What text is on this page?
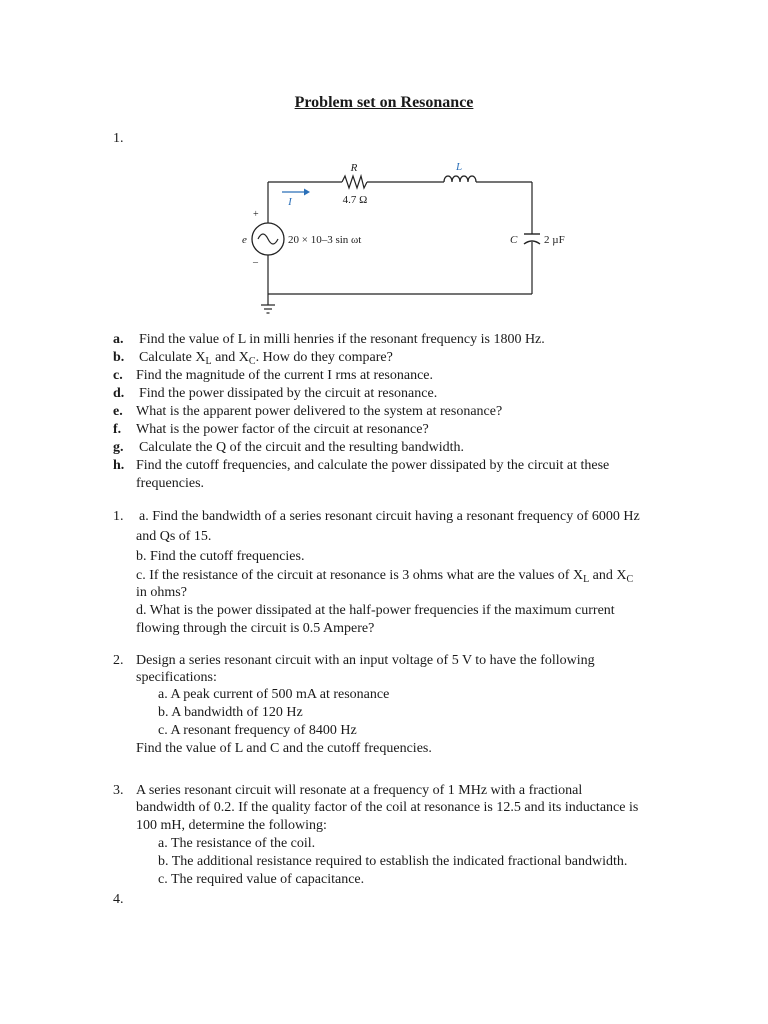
Problem set on Resonance
1.
R
4.7 Ω
L
I
e
+
–
20 × 10–3 sin ωt	C 2 µF
a. Find the value of L in milli henries if the resonant frequency is 1800 Hz.
b. Calculate $X_L$ and $X_C$. How do they compare?
c. Find the magnitude of the current I rms at resonance.
d. Find the power dissipated by the circuit at resonance.
e. What is the apparent power delivered to the system at resonance?
f. What is the power factor of the circuit at resonance?
g. Calculate the Q of the circuit and the resulting bandwidth.
h. Find the cutoff frequencies, and calculate the power dissipated by the circuit at these
frequencies.
1. a. Find the bandwidth of a series resonant circuit having a resonant frequency of 6000 Hz
and Qs of 15.
b. Find the cutoff frequencies.
c. If the resistance of the circuit at resonance is 3 ohms what are the values of $X_L$ and $X_C$
in ohms?
d. What is the power dissipated at the half-power frequencies if the maximum current
flowing through the circuit is 0.5 Ampere?
2. Design a series resonant circuit with an input voltage of 5 V to have the following
specifications:
a. A peak current of 500 mA at resonance
b. A bandwidth of 120 Hz
c. A resonant frequency of 8400 Hz
Find the value of L and C and the cutoff frequencies.
3. A series resonant circuit will resonate at a frequency of 1 MHz with a fractional
bandwidth of 0.2. If the quality factor of the coil at resonance is 12.5 and its inductance is
100 mH, determine the following:
a. The resistance of the coil.
b. The additional resistance required to establish the indicated fractional bandwidth.
c. The required value of capacitance.
4.
